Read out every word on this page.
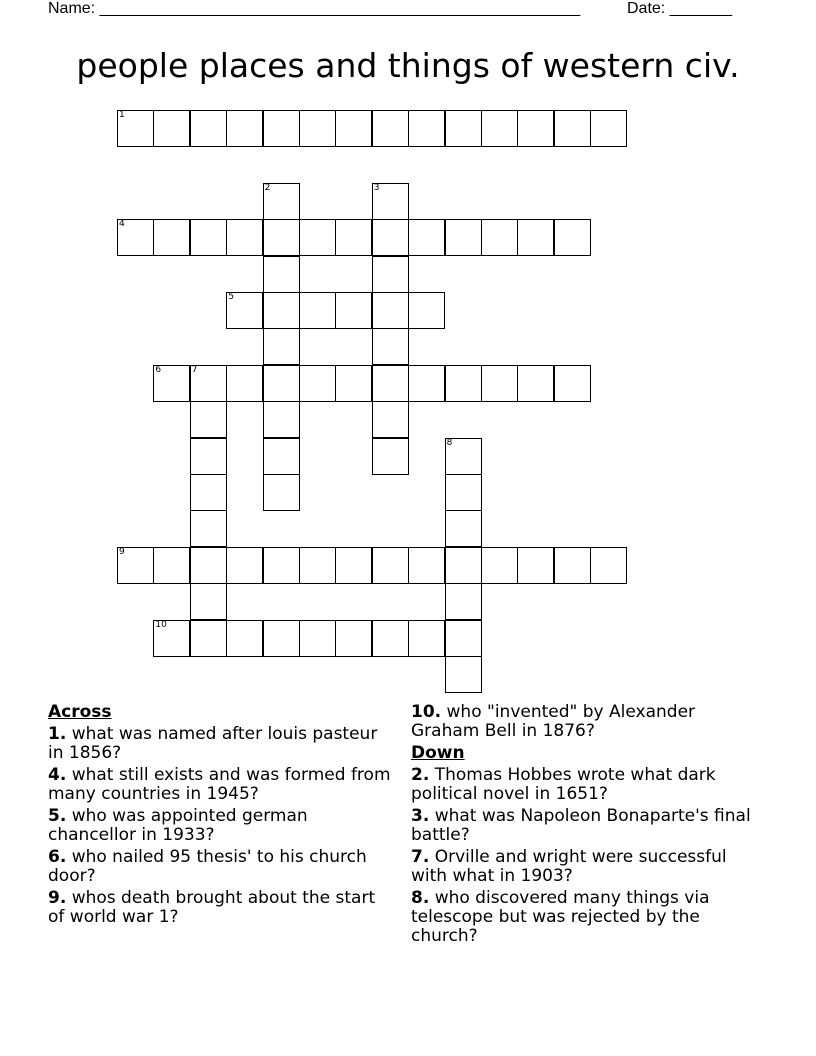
Name: ______________________________________________________	Date: _______
people places and things of western civ.
1
2	3
4
5
6	7
8
9
10
Across
1. what was named after louis pasteur in 1856?
4. what still exists and was formed from many countries in 1945?
5. who was appointed german chancellor in 1933?
6. who nailed 95 thesis' to his church door?
9. whos death brought about the start of world war 1?
10. who "invented" by Alexander Graham Bell in 1876?
Down
2. Thomas Hobbes wrote what dark political novel in 1651?
3. what was Napoleon Bonaparte's final battle?
7. Orville and wright were successful with what in 1903?
8. who discovered many things via telescope but was rejected by the church?
